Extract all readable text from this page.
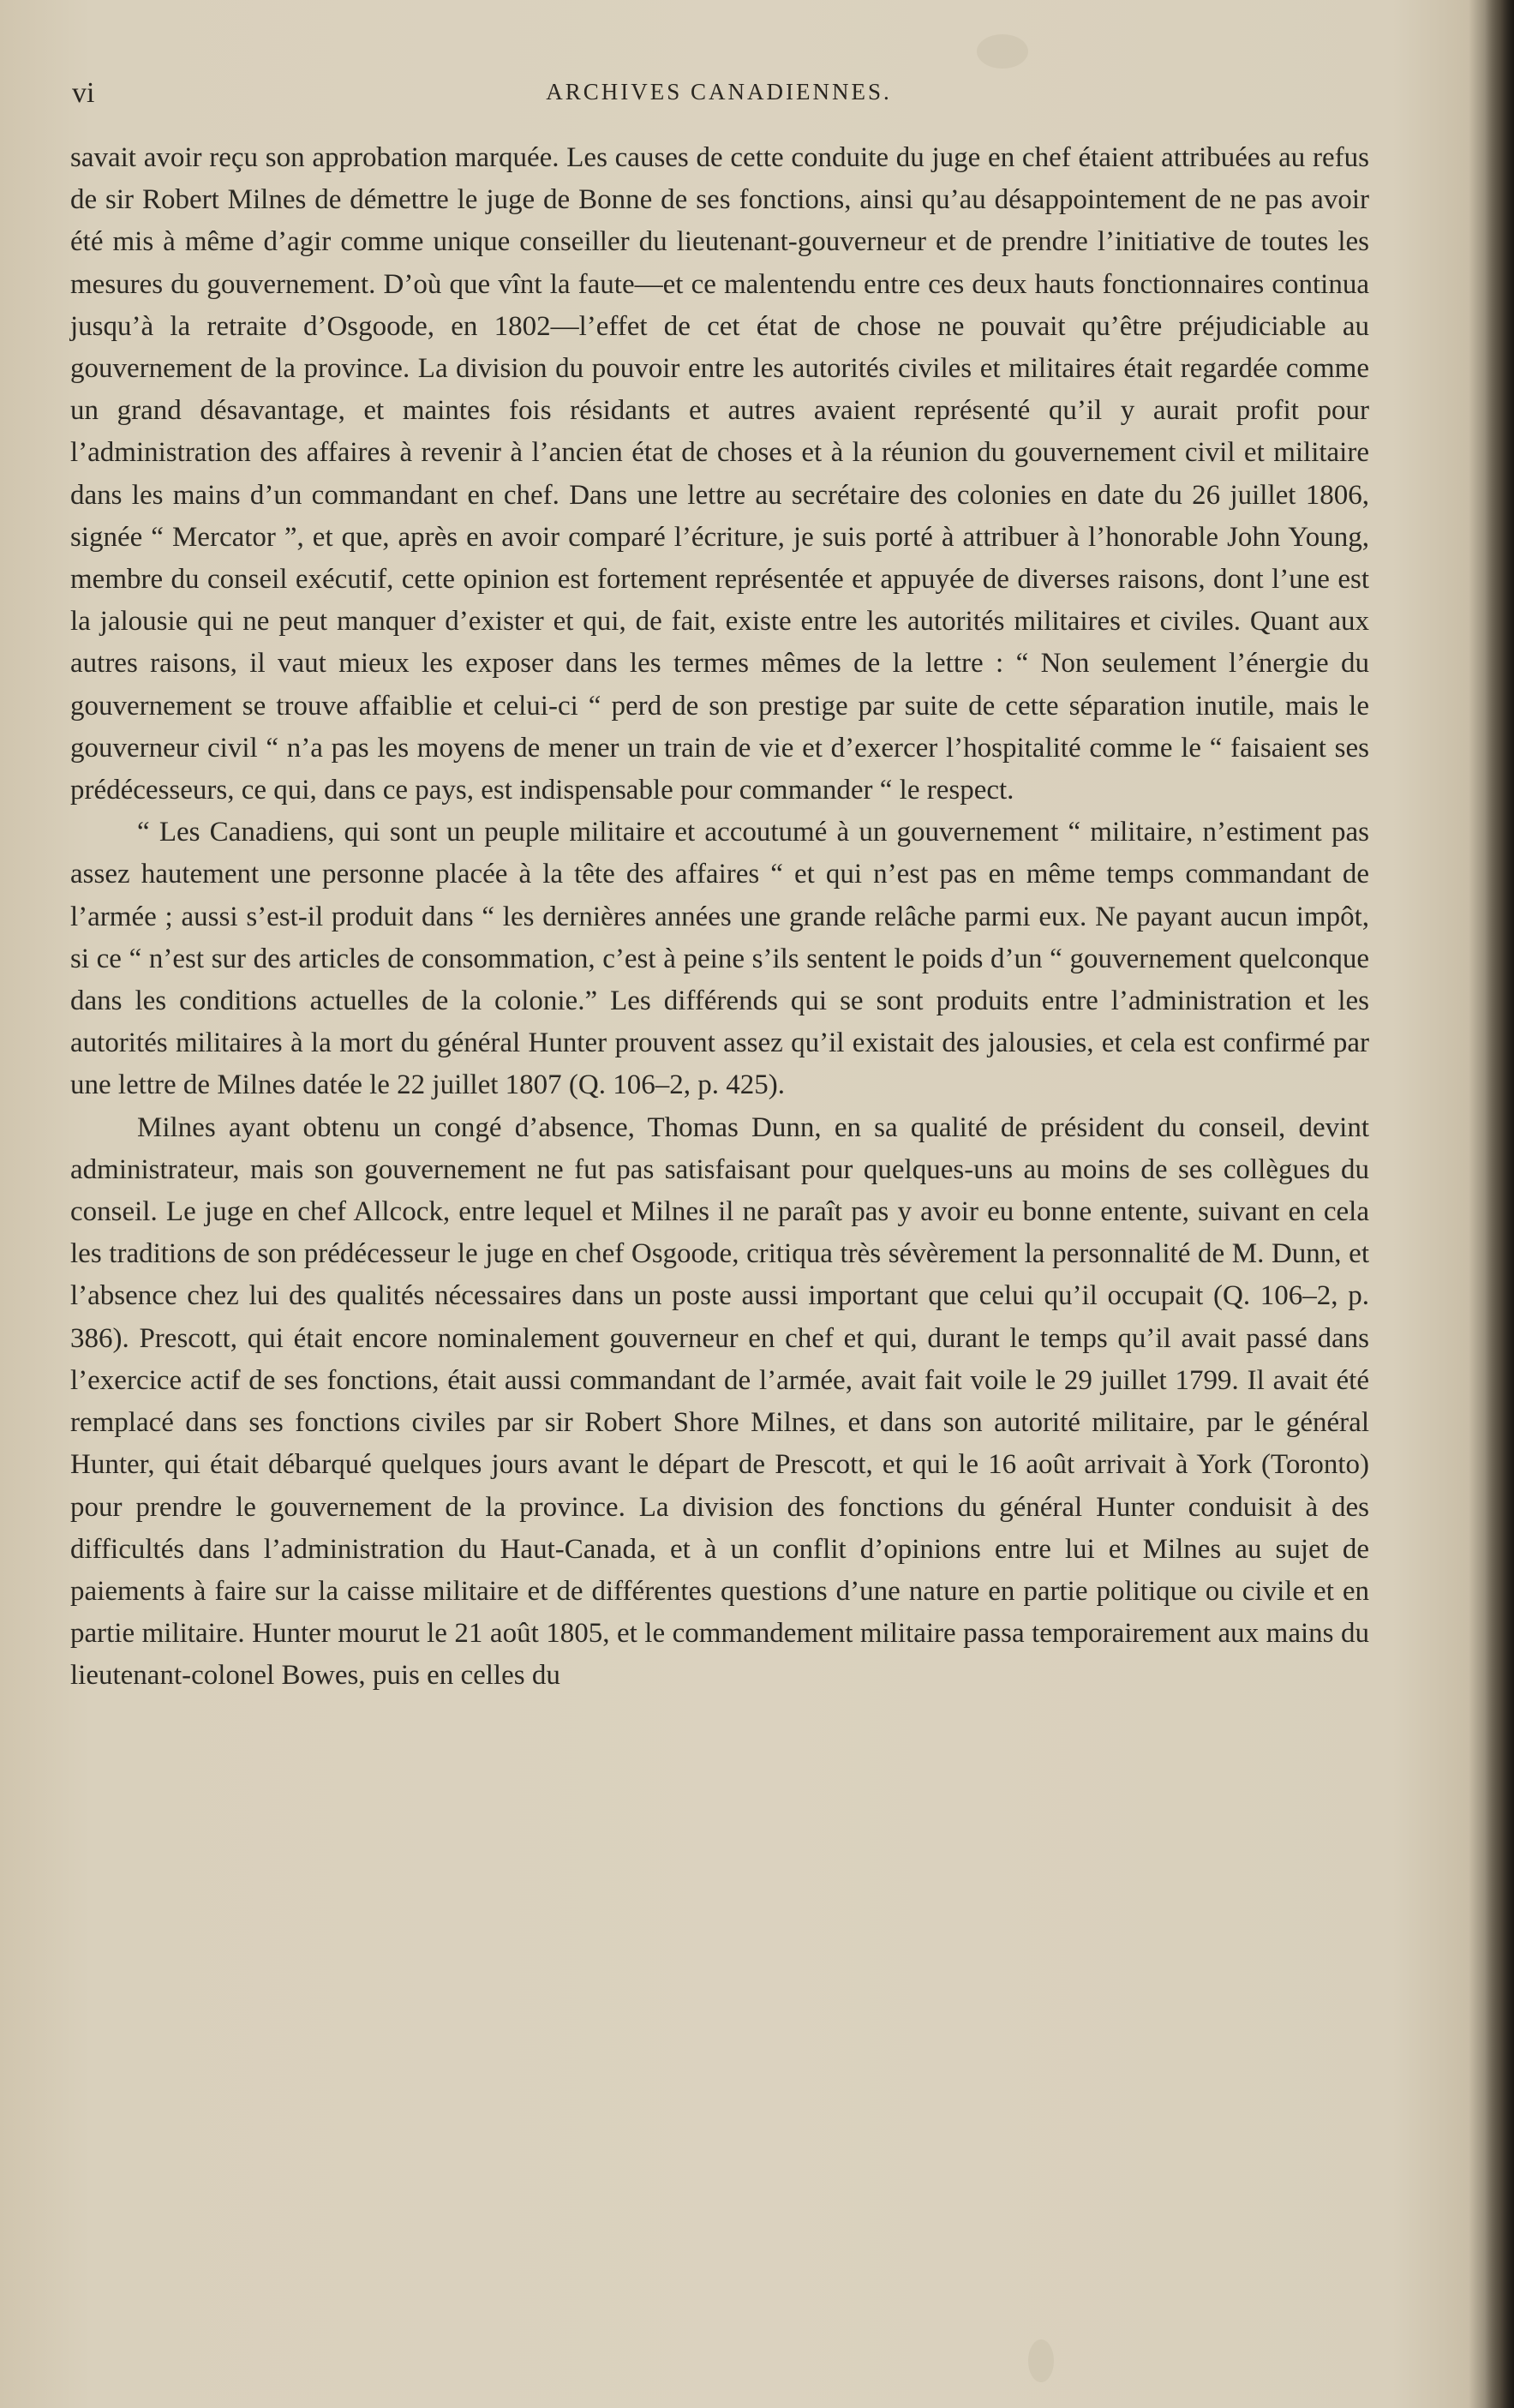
vi	ARCHIVES CANADIENNES.

savait avoir reçu son approbation marquée. Les causes de cette conduite du juge en chef étaient attribuées au refus de sir Robert Milnes de démettre le juge de Bonne de ses fonctions, ainsi qu’au désappointement de ne pas avoir été mis à même d’agir comme unique conseiller du lieutenant-gouverneur et de prendre l’initiative de toutes les mesures du gouvernement. D’où que vînt la faute—et ce malentendu entre ces deux hauts fonctionnaires continua jusqu’à la retraite d’Osgoode, en 1802—l’effet de cet état de chose ne pouvait qu’être préjudiciable au gouvernement de la province. La division du pouvoir entre les autorités civiles et militaires était regardée comme un grand désavantage, et maintes fois résidants et autres avaient représenté qu’il y aurait profit pour l’administration des affaires à revenir à l’ancien état de choses et à la réunion du gouvernement civil et militaire dans les mains d’un commandant en chef. Dans une lettre au secrétaire des colonies en date du 26 juillet 1806, signée “ Mercator ”, et que, après en avoir comparé l’écriture, je suis porté à attribuer à l’honorable John Young, membre du conseil exécutif, cette opinion est fortement représentée et appuyée de diverses raisons, dont l’une est la jalousie qui ne peut manquer d’exister et qui, de fait, existe entre les autorités militaires et civiles. Quant aux autres raisons, il vaut mieux les exposer dans les termes mêmes de la lettre : “ Non seulement l’énergie du gouvernement se trouve affaiblie et celui-ci “ perd de son prestige par suite de cette séparation inutile, mais le gouverneur civil “ n’a pas les moyens de mener un train de vie et d’exercer l’hospitalité comme le “ faisaient ses prédécesseurs, ce qui, dans ce pays, est indispensable pour commander “ le respect.

“ Les Canadiens, qui sont un peuple militaire et accoutumé à un gouvernement “ militaire, n’estiment pas assez hautement une personne placée à la tête des affaires “ et qui n’est pas en même temps commandant de l’armée ; aussi s’est-il produit dans “ les dernières années une grande relâche parmi eux. Ne payant aucun impôt, si ce “ n’est sur des articles de consommation, c’est à peine s’ils sentent le poids d’un “ gouvernement quelconque dans les conditions actuelles de la colonie.” Les différends qui se sont produits entre l’administration et les autorités militaires à la mort du général Hunter prouvent assez qu’il existait des jalousies, et cela est confirmé par une lettre de Milnes datée le 22 juillet 1807 (Q. 106–2, p. 425).

Milnes ayant obtenu un congé d’absence, Thomas Dunn, en sa qualité de président du conseil, devint administrateur, mais son gouvernement ne fut pas satisfaisant pour quelques-uns au moins de ses collègues du conseil. Le juge en chef Allcock, entre lequel et Milnes il ne paraît pas y avoir eu bonne entente, suivant en cela les traditions de son prédécesseur le juge en chef Osgoode, critiqua très sévèrement la personnalité de M. Dunn, et l’absence chez lui des qualités nécessaires dans un poste aussi important que celui qu’il occupait (Q. 106–2, p. 386). Prescott, qui était encore nominalement gouverneur en chef et qui, durant le temps qu’il avait passé dans l’exercice actif de ses fonctions, était aussi commandant de l’armée, avait fait voile le 29 juillet 1799. Il avait été remplacé dans ses fonctions civiles par sir Robert Shore Milnes, et dans son autorité militaire, par le général Hunter, qui était débarqué quelques jours avant le départ de Prescott, et qui le 16 août arrivait à York (Toronto) pour prendre le gouvernement de la province. La division des fonctions du général Hunter conduisit à des difficultés dans l’administration du Haut-Canada, et à un conflit d’opinions entre lui et Milnes au sujet de paiements à faire sur la caisse militaire et de différentes questions d’une nature en partie politique ou civile et en partie militaire. Hunter mourut le 21 août 1805, et le commandement militaire passa temporairement aux mains du lieutenant-colonel Bowes, puis en celles du
